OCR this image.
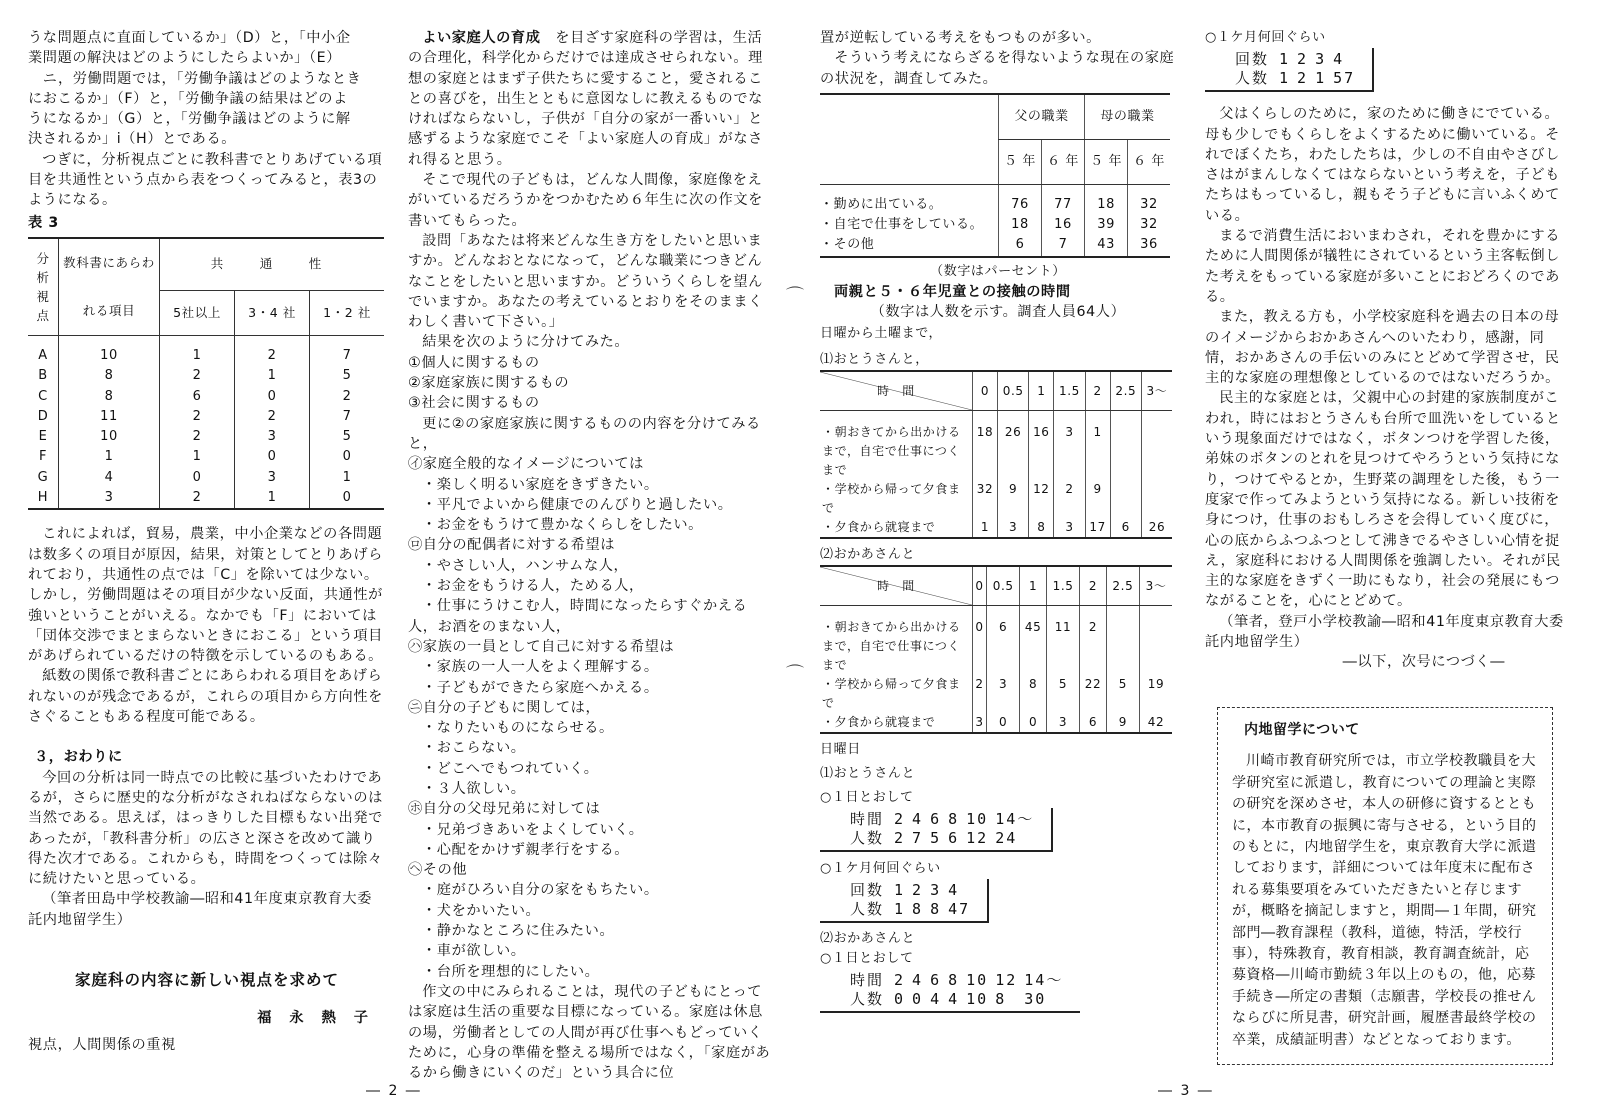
うな問題点に直面しているか」（D）と，「中小企
業問題の解決はどのようにしたらよいか」（E）
　ニ，労働問題では，「労働争議はどのようなとき
におこるか」（F）と，「労働争議の結果はどのよ
うになるか」（G）と，「労働争議はどのように解
決されるか」i（H）とである。

つぎに，分析視点ごとに教科書でとりあげている項目を共通性という点から表をつくってみると，表3のようになる。

表 3
分析視点	教科書にあらわれる項目	共　通　性		
		5社以上	3・4 社	1・2 社
A	10	1	2	7
B	8	2	1	5
C	8	6	0	2
D	11	2	2	7
E	10	2	3	5
F	1	1	0	0
G	4	0	3	1
H	3	2	1	0

これによれば，貿易，農業，中小企業などの各問題は数多くの項目が原因，結果，対策としてとりあげられており，共通性の点では「C」を除いては少ない。しかし，労働問題はその項目が少ない反面，共通性が強いということがいえる。なかでも「F」においては「団体交渉でまとまらないときにおこる」という項目があげられているだけの特徴を示しているのもある。

紙数の関係で教科書ごとにあらわれる項目をあげられないのが残念であるが，これらの項目から方向性をさぐることもある程度可能である。

３，おわりに

今回の分析は同一時点での比較に基づいたわけであるが，さらに歴史的な分析がなされねばならないのは当然である。思えば，はっきりした目標もない出発であったが，「教科書分析」の広さと深さを改めて識り得た次才である。これからも，時間をつくっては除々に続けたいと思っている。

（筆者田島中学校教諭―昭和41年度東京教育大委託内地留学生）

家庭科の内容に新しい視点を求めて
福永熱子
視点，人間関係の重視

よい家庭人の育成　 を目ざす家庭科の学習は，生活の合理化，科学化からだけでは達成させられない。理想の家庭とはまず子供たちに愛すること，愛されることの喜びを，出生とともに意図なしに教えるものでなければならないし，子供が「自分の家が一番いい」と感ずるような家庭でこそ「よい家庭人の育成」がなされ得ると思う。

そこで現代の子どもは，どんな人間像，家庭像をえがいているだろうかをつかむため６年生に次の作文を書いてもらった。

設問「あなたは将来どんな生き方をしたいと思いますか。どんなおとなになって，どんな職業につきどんなことをしたいと思いますか。どういうくらしを望んでいますか。あなたの考えているとおりをそのままくわしく書いて下さい。」

結果を次のように分けてみた。

①個人に関するもの
②家庭家族に関するもの
③社会に関するもの

更に②の家庭家族に関するものの内容を分けてみると，

㋑家庭全般的なイメージについては
・楽しく明るい家庭をきずきたい。
・平凡でよいから健康でのんびりと過したい。
・お金をもうけて豊かなくらしをしたい。
㋺自分の配偶者に対する希望は
・やさしい人，ハンサムな人，
・お金をもうける人，ためる人，
・仕事にうけこむ人，時間になったらすぐかえる
人，お酒をのまない人，
㋩家族の一員として自己に対する希望は
・家族の一人一人をよく理解する。
・子どもができたら家庭へかえる。
㋥自分の子どもに関しては，
・なりたいものにならせる。
・おこらない。
・どこへでもつれていく。
・３人欲しい。
㋭自分の父母兄弟に対しては
・兄弟づきあいをよくしていく。
・心配をかけず親孝行をする。
㋬その他
・庭がひろい自分の家をもちたい。
・犬をかいたい。
・静かなところに住みたい。
・車が欲しい。
・台所を理想的にしたい。

作文の中にみられることは，現代の子どもにとっては家庭は生活の重要な目標になっている。家庭は休息の場，労働者としての人間が再び仕事へもどっていくために，心身の準備を整える場所ではなく，「家庭があるから働きにいくのだ」という具合に位

置が逆転している考えをもつものが多い。

そういう考えにならざるを得ないような現在の家庭の状況を，調査してみた。

	父の職業		母の職業	
	５ 年	６ 年	５ 年	６ 年
・勤めに出ている。	76	77	18	32
・自宅で仕事をしている。	18	16	39	32
・その他	6	7	43	36
（数字はパーセント）
両親と５・６年児童との接触の時間
（数字は人数を示す。調査人員64人）
日曜から土曜まで，
⑴おとうさんと，
時　間	0	0.5	1	1.5	2	2.5	3～
・朝おきてから出かけるまで，自宅で仕事につくまで	18	26	16	3	1		
・学校から帰って夕食まで	32	9	12	2	9		
・夕食から就寝まで	1	3	8	3	17	6	26
⑵おかあさんと
時　間	0	0.5	1	1.5	2	2.5	3～
・朝おきてから出かけるまで，自宅で仕事につくまで	0	6	45	11	2		
・学校から帰って夕食まで	2	3	8	5	22	5	19
・夕食から就寝まで	3	0	0	3	6	9	42
日曜日
⑴おとうさんと
○１日とおして
時間	2	4	6	8	10	14～
人数	2	7	5	6	12	24
○１ケ月何回ぐらい
回数	1	2	3	4
人数	1	8	8	47
⑵おかあさんと
○１日とおして
時間	2	4	6	8	10	12	14～
人数	0	0	4	4	10	8	30
○１ケ月何回ぐらい
回数	1	2	3	4
人数	1	2	1	57

父はくらしのために，家のために働きにでている。母も少しでもくらしをよくするために働いている。それでぼくたち，わたしたちは，少しの不自由やさびしさはがまんしなくてはならないという考えを，子どもたちはもっているし，親もそう子どもに言いふくめている。

まるで消費生活においまわされ，それを豊かにするために人間関係が犠牲にされているという主客転倒した考えをもっている家庭が多いことにおどろくのである。

また，教える方も，小学校家庭科を過去の日本の母のイメージからおかあさんへのいたわり，感謝，同情，おかあさんの手伝いのみにとどめて学習させ，民主的な家庭の理想像としているのではないだろうか。

民主的な家庭とは，父親中心の封建的家族制度がこわれ，時にはおとうさんも台所で皿洗いをしているという現象面だけではなく，ボタンつけを学習した後，弟妹のボタンのとれを見つけてやろうという気持になり，つけてやるとか，生野菜の調理をした後，もう一度家で作ってみようという気持になる。新しい技術を身につけ，仕事のおもしろさを会得していく度びに，心の底からふつふつとして沸きでるやさしい心情を捉え，家庭科における人間関係を強調したい。それが民主的な家庭をきずく一助にもなり，社会の発展にもつながることを，心にとどめて。

（筆者，登戸小学校教諭―昭和41年度東京教育大委託内地留学生）

―以下，次号につづく―
内地留学について

川崎市教育研究所では，市立学校教職員を大学研究室に派遣し，教育についての理論と実際の研究を深めさせ，本人の研修に資するとともに，本市教育の振興に寄与させる，という目的のもとに，内地留学生を，東京教育大学に派遣しております，詳細については年度末に配布される募集要項をみていただきたいと存じますが，概略を摘記しますと，期間―１年間，研究部門―教育課程（教科，道徳，特活，学校行事），特殊教育，教育相談，教育調査統計，応募資格―川崎市勤続３年以上のもの，他，応募手続き―所定の書類（志願書，学校長の推せんならびに所見書，研究計画，履歴書最終学校の卒業，成績証明書）などとなっております。

⌒
⌒
― 2 ―	― 3 ―
